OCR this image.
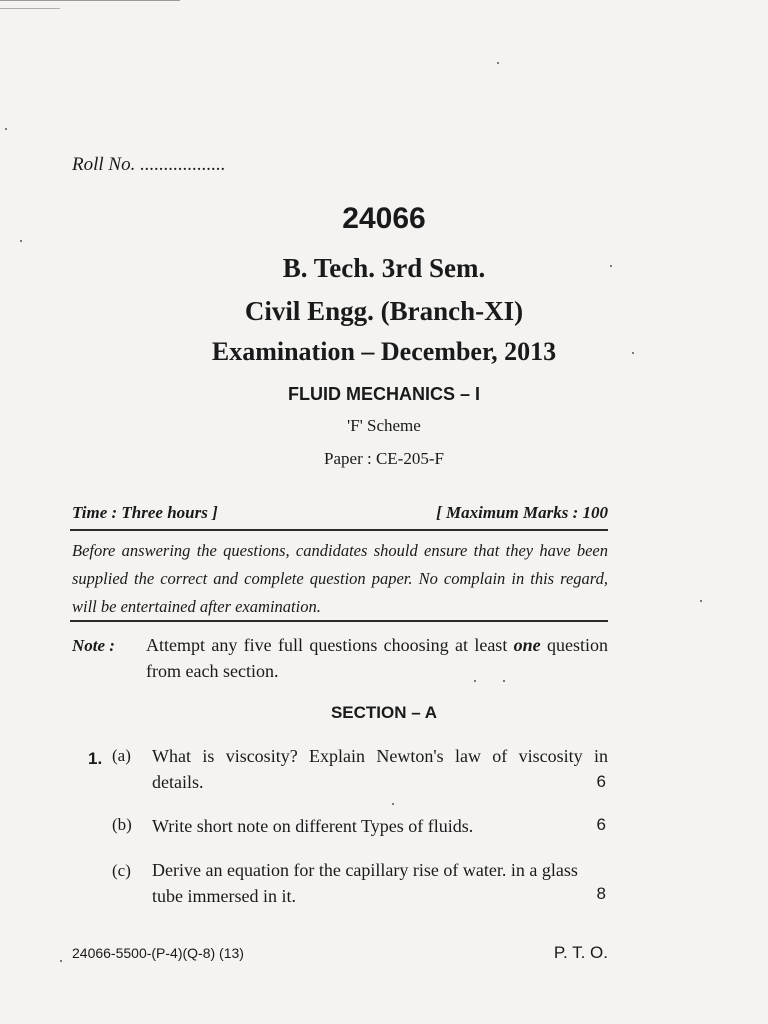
Roll No. ..................
24066
B. Tech. 3rd Sem.
Civil Engg. (Branch-XI)
Examination – December, 2013
FLUID MECHANICS – I
'F' Scheme
Paper : CE-205-F
Time : Three hours ]	[ Maximum Marks : 100
Before answering the questions, candidates should ensure that they have been supplied the correct and complete question paper. No complain in this regard, will be entertained after examination.
Note : Attempt any five full questions choosing at least one question from each section.
SECTION – A
1. (a) What is viscosity? Explain Newton's law of viscosity in details.	6
(b) Write short note on different Types of fluids.	6
(c) Derive an equation for the capillary rise of water. in a glass tube immersed in it.	8
24066-5500-(P-4)(Q-8) (13)	P. T. O.
